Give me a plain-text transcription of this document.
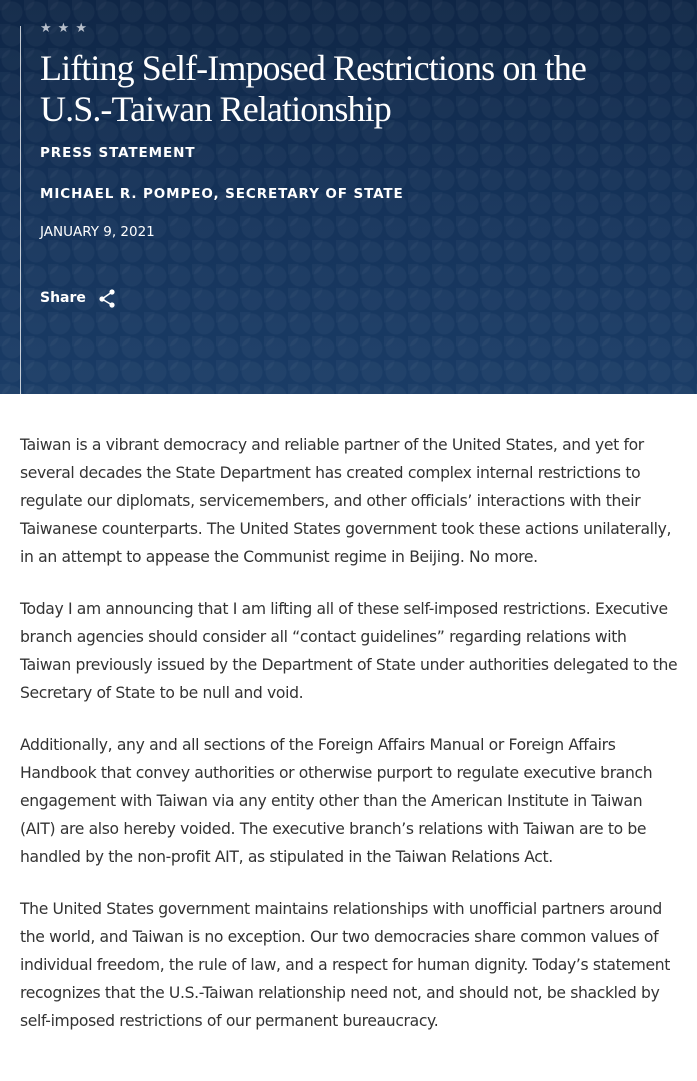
★ ★ ★
Lifting Self-Imposed Restrictions on the U.S.-Taiwan Relationship
PRESS STATEMENT
MICHAEL R. POMPEO, SECRETARY OF STATE
JANUARY 9, 2021
Share

Taiwan is a vibrant democracy and reliable partner of the United States, and yet for several decades the State Department has created complex internal restrictions to regulate our diplomats, servicemembers, and other officials’ interactions with their Taiwanese counterparts. The United States government took these actions unilaterally, in an attempt to appease the Communist regime in Beijing. No more.

Today I am announcing that I am lifting all of these self-imposed restrictions. Executive branch agencies should consider all “contact guidelines” regarding relations with Taiwan previously issued by the Department of State under authorities delegated to the Secretary of State to be null and void.

Additionally, any and all sections of the Foreign Affairs Manual or Foreign Affairs Handbook that convey authorities or otherwise purport to regulate executive branch engagement with Taiwan via any entity other than the American Institute in Taiwan (AIT) are also hereby voided. The executive branch’s relations with Taiwan are to be handled by the non-profit AIT, as stipulated in the Taiwan Relations Act.

The United States government maintains relationships with unofficial partners around the world, and Taiwan is no exception. Our two democracies share common values of individual freedom, the rule of law, and a respect for human dignity. Today’s statement recognizes that the U.S.-Taiwan relationship need not, and should not, be shackled by self-imposed restrictions of our permanent bureaucracy.
